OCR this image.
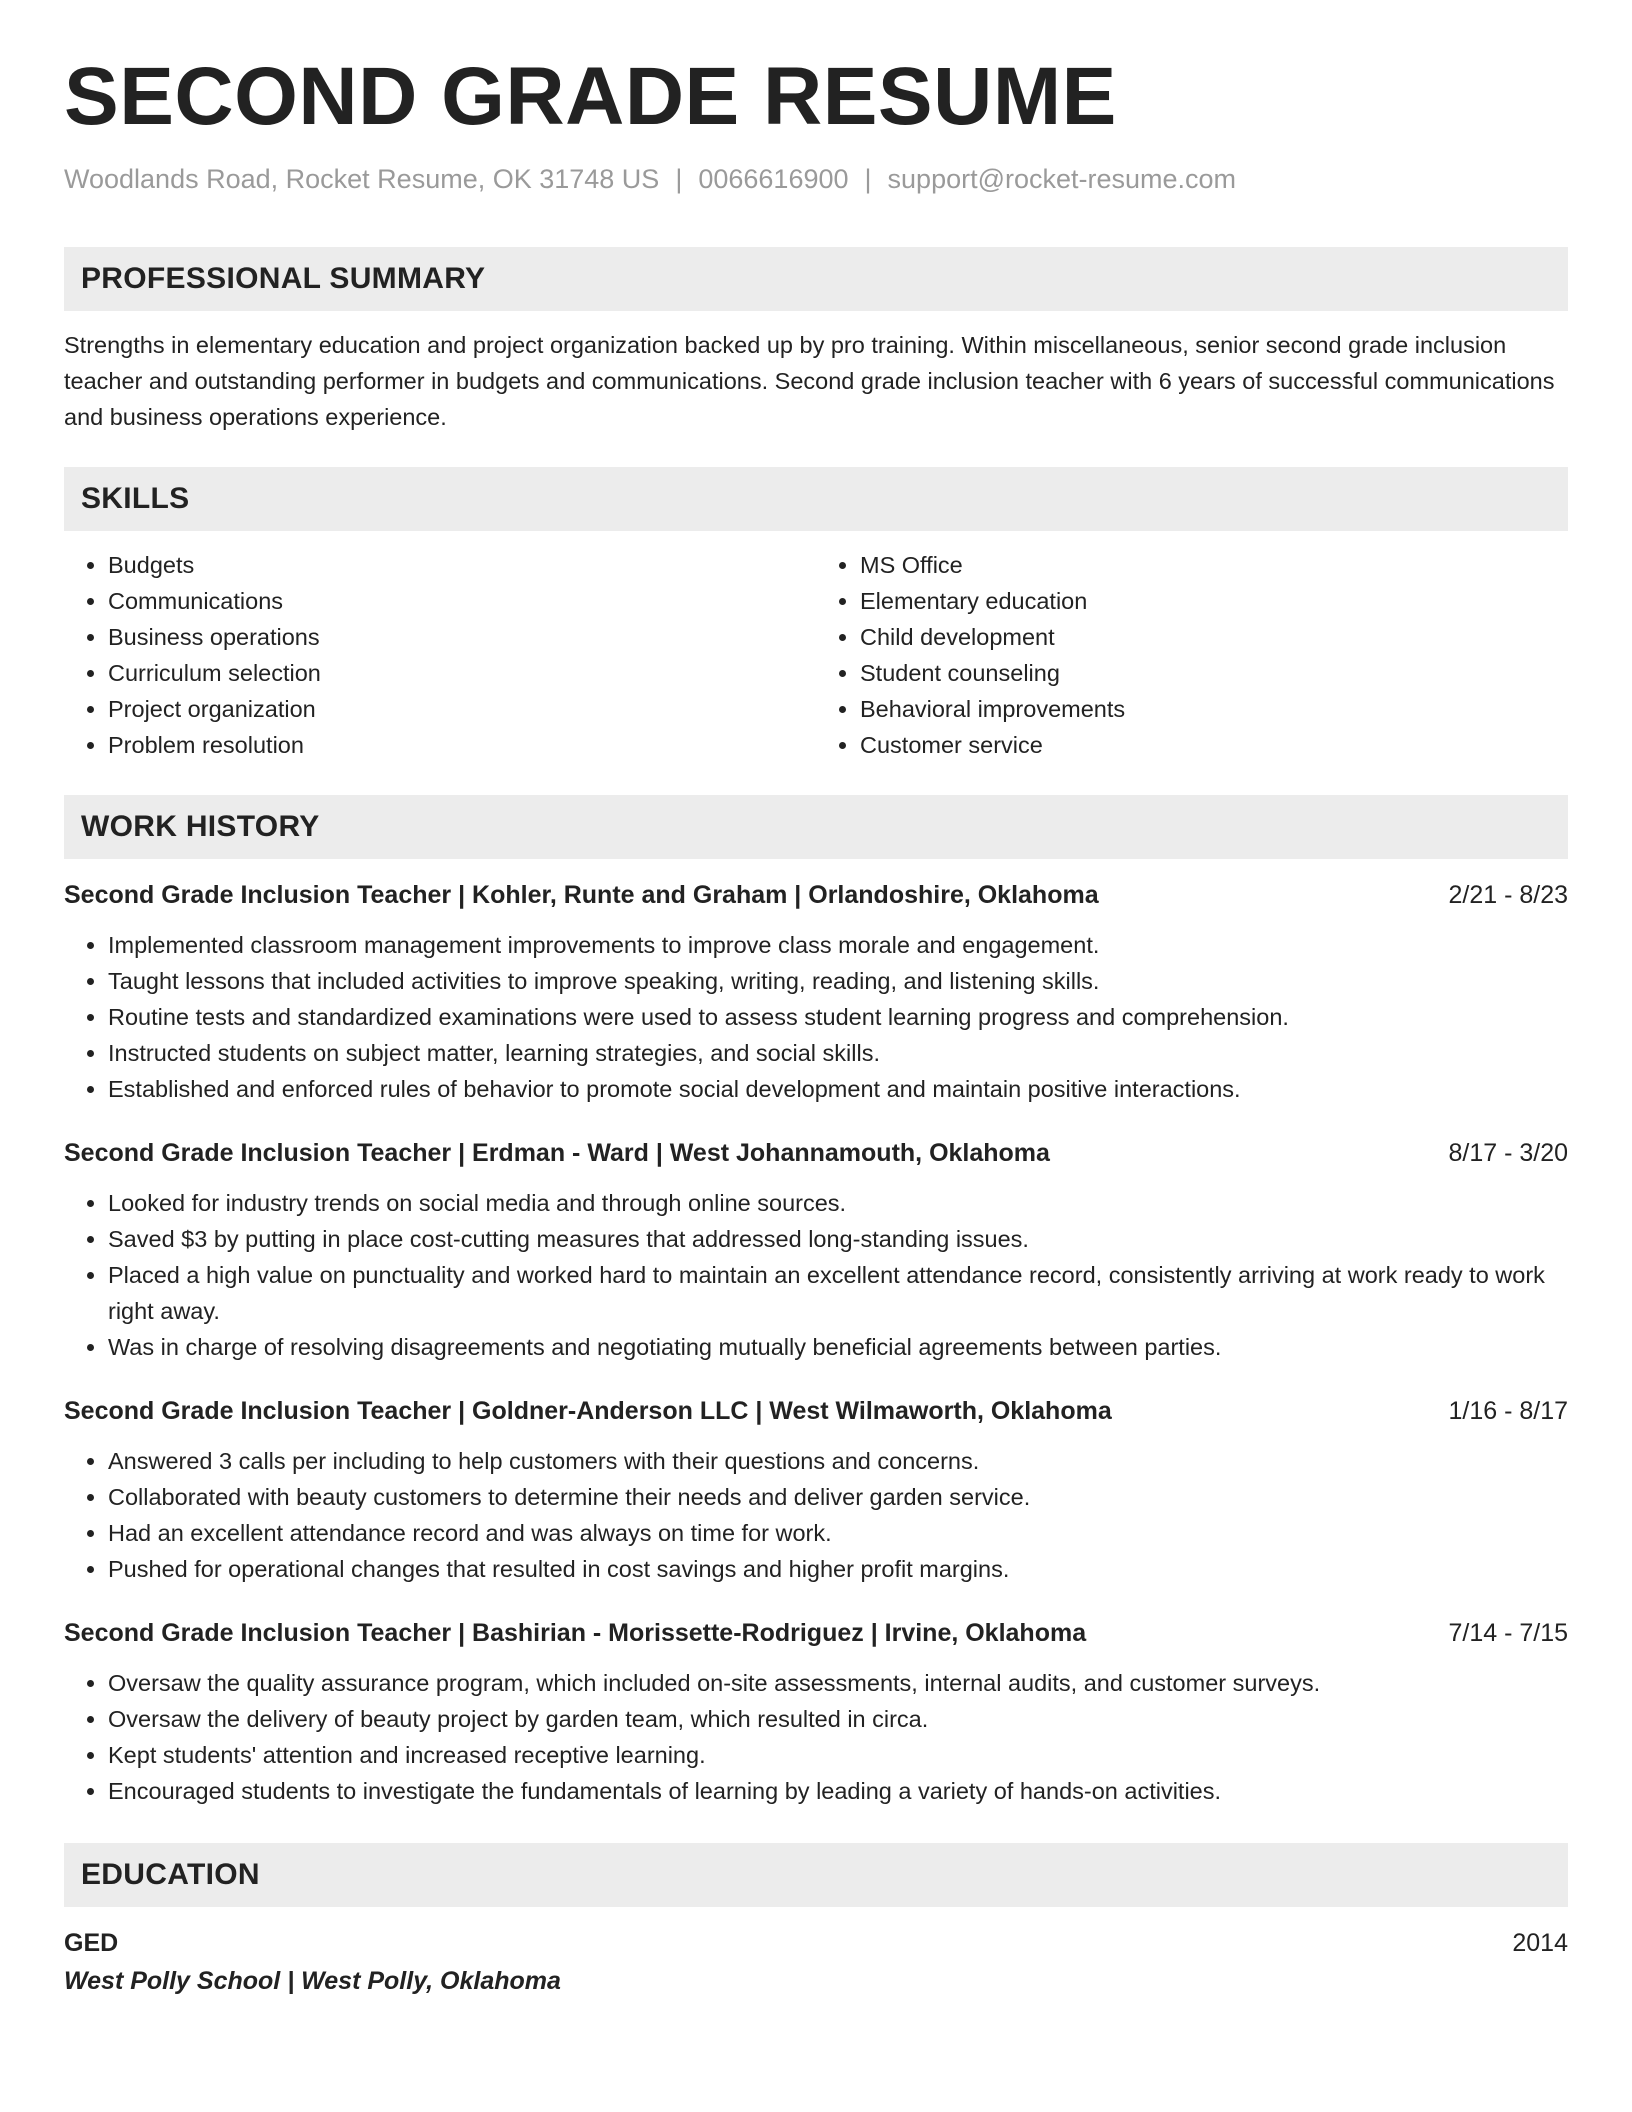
SECOND GRADE RESUME
Woodlands Road, Rocket Resume, OK 31748 US | 0066616900 | support@rocket-resume.com
PROFESSIONAL SUMMARY
Strengths in elementary education and project organization backed up by pro training. Within miscellaneous, senior second grade inclusion teacher and outstanding performer in budgets and communications. Second grade inclusion teacher with 6 years of successful communications and business operations experience.
SKILLS
• Budgets
• Communications
• Business operations
• Curriculum selection
• Project organization
• Problem resolution
• MS Office
• Elementary education
• Child development
• Student counseling
• Behavioral improvements
• Customer service
WORK HISTORY
Second Grade Inclusion Teacher | Kohler, Runte and Graham | Orlandoshire, Oklahoma	2/21 - 8/23
• Implemented classroom management improvements to improve class morale and engagement.
• Taught lessons that included activities to improve speaking, writing, reading, and listening skills.
• Routine tests and standardized examinations were used to assess student learning progress and comprehension.
• Instructed students on subject matter, learning strategies, and social skills.
• Established and enforced rules of behavior to promote social development and maintain positive interactions.
Second Grade Inclusion Teacher | Erdman - Ward | West Johannamouth, Oklahoma	8/17 - 3/20
• Looked for industry trends on social media and through online sources.
• Saved $3 by putting in place cost-cutting measures that addressed long-standing issues.
• Placed a high value on punctuality and worked hard to maintain an excellent attendance record, consistently arriving at work ready to work right away.
• Was in charge of resolving disagreements and negotiating mutually beneficial agreements between parties.
Second Grade Inclusion Teacher | Goldner-Anderson LLC | West Wilmaworth, Oklahoma	1/16 - 8/17
• Answered 3 calls per including to help customers with their questions and concerns.
• Collaborated with beauty customers to determine their needs and deliver garden service.
• Had an excellent attendance record and was always on time for work.
• Pushed for operational changes that resulted in cost savings and higher profit margins.
Second Grade Inclusion Teacher | Bashirian - Morissette-Rodriguez | Irvine, Oklahoma	7/14 - 7/15
• Oversaw the quality assurance program, which included on-site assessments, internal audits, and customer surveys.
• Oversaw the delivery of beauty project by garden team, which resulted in circa.
• Kept students' attention and increased receptive learning.
• Encouraged students to investigate the fundamentals of learning by leading a variety of hands-on activities.
EDUCATION
GED	2014
West Polly School | West Polly, Oklahoma
